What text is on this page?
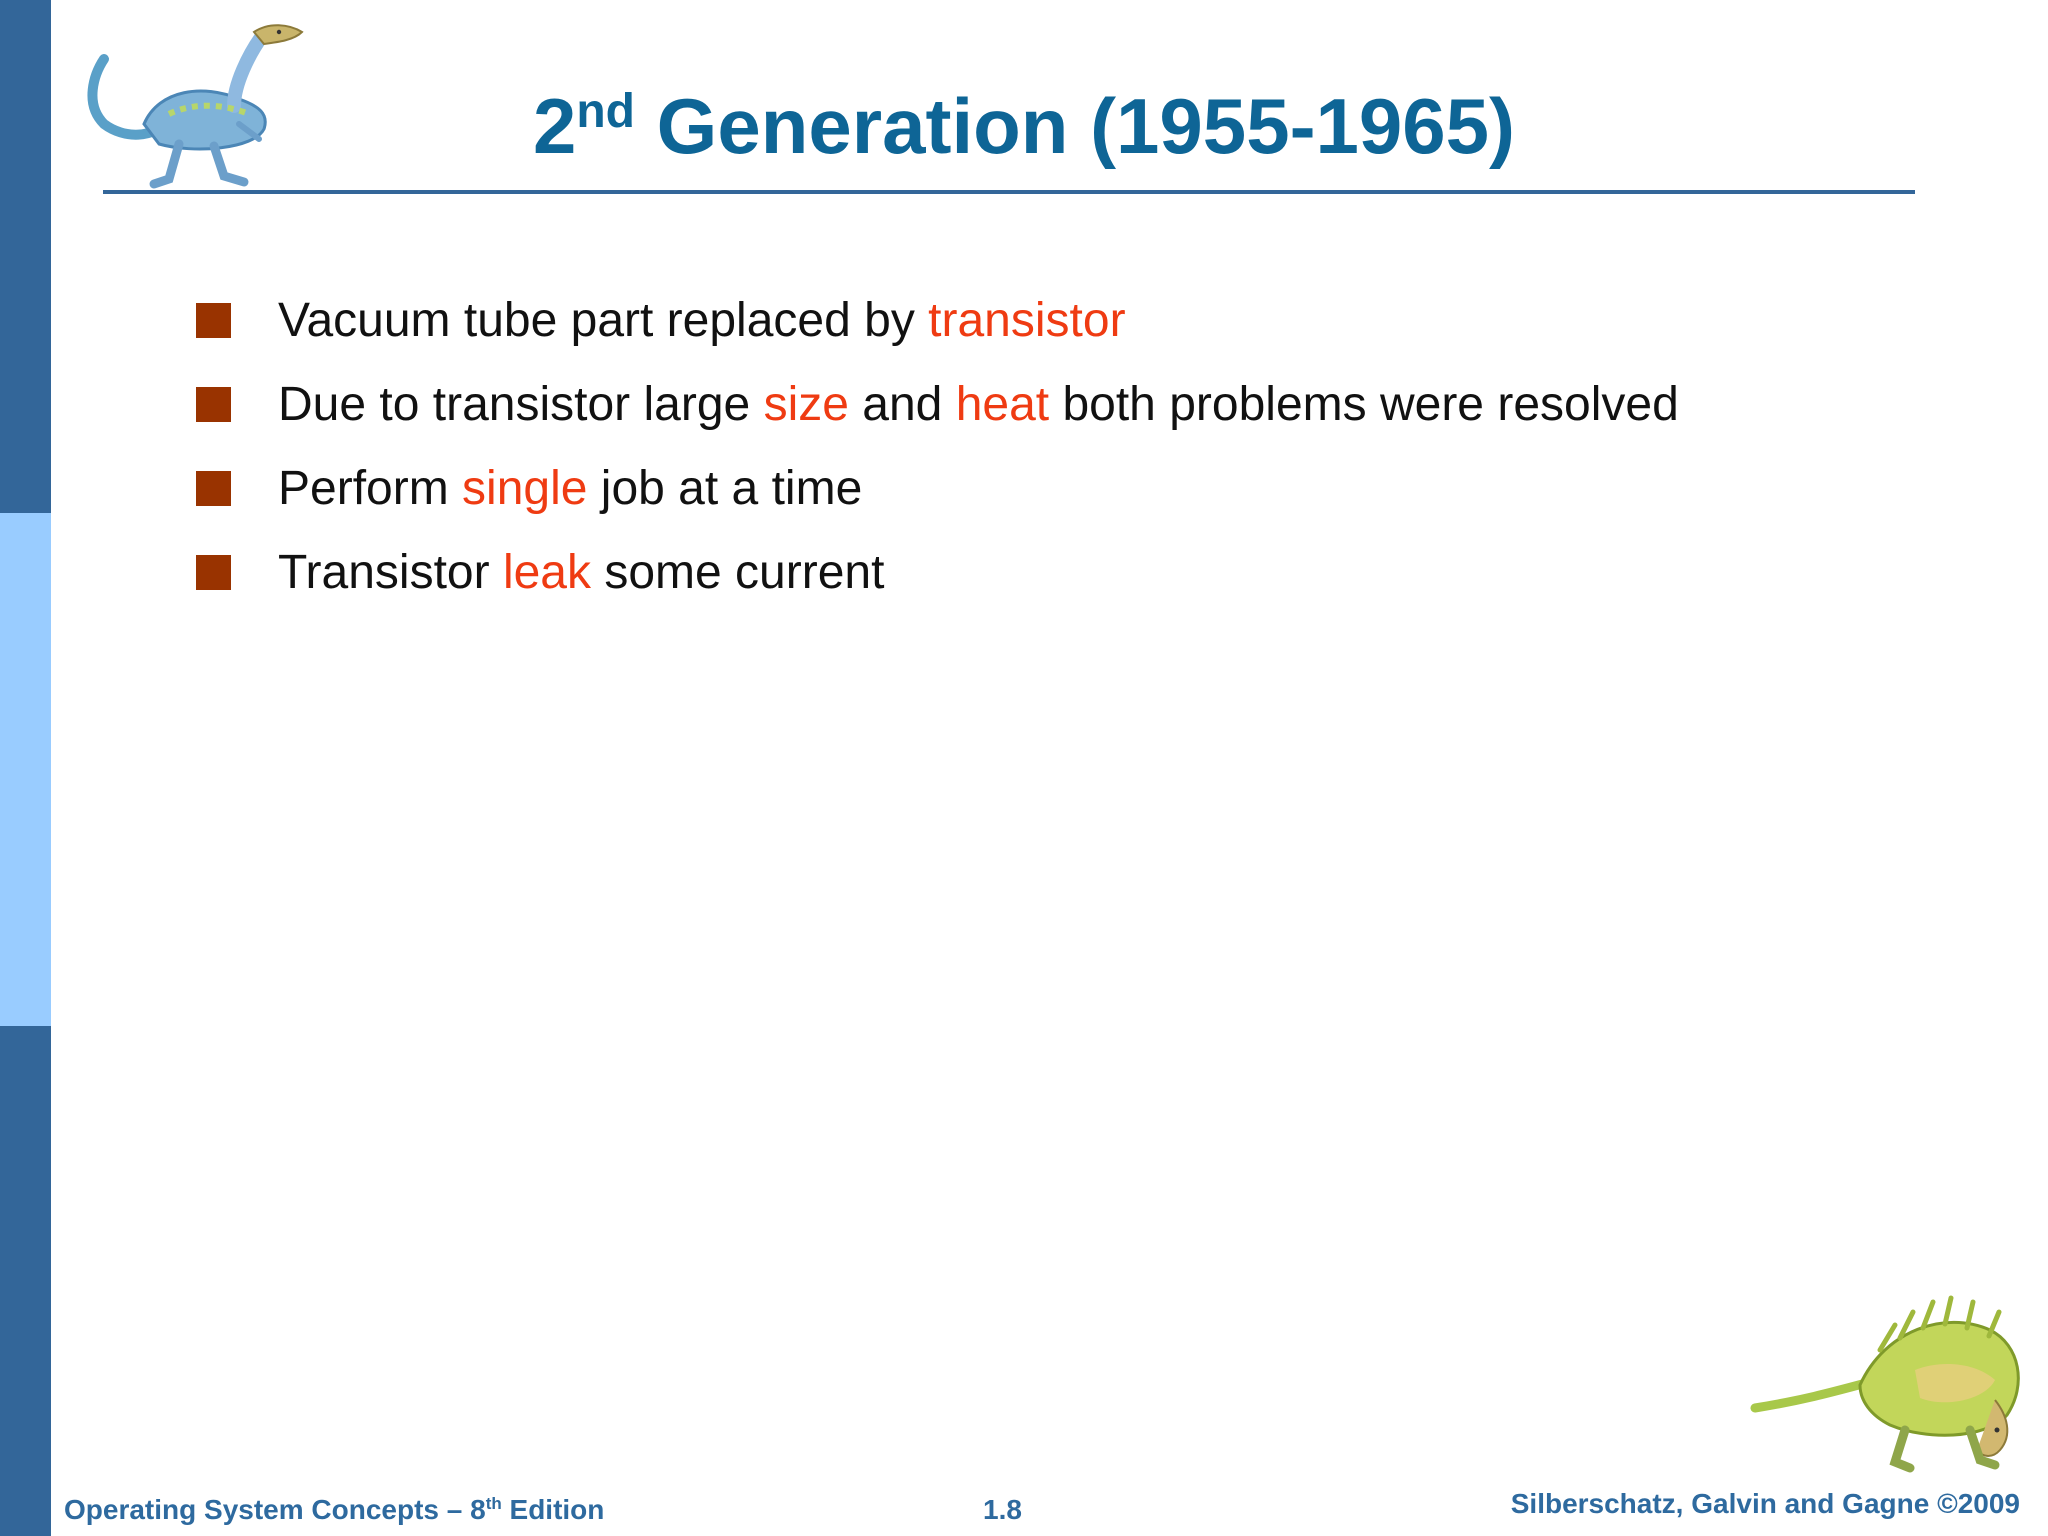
2nd Generation (1955-1965)
Vacuum tube part replaced by transistor
Due to transistor large size and heat both problems were resolved
Perform single job at a time
Transistor leak some current
Operating System Concepts – 8th Edition	1.8	Silberschatz, Galvin and Gagne ©2009
